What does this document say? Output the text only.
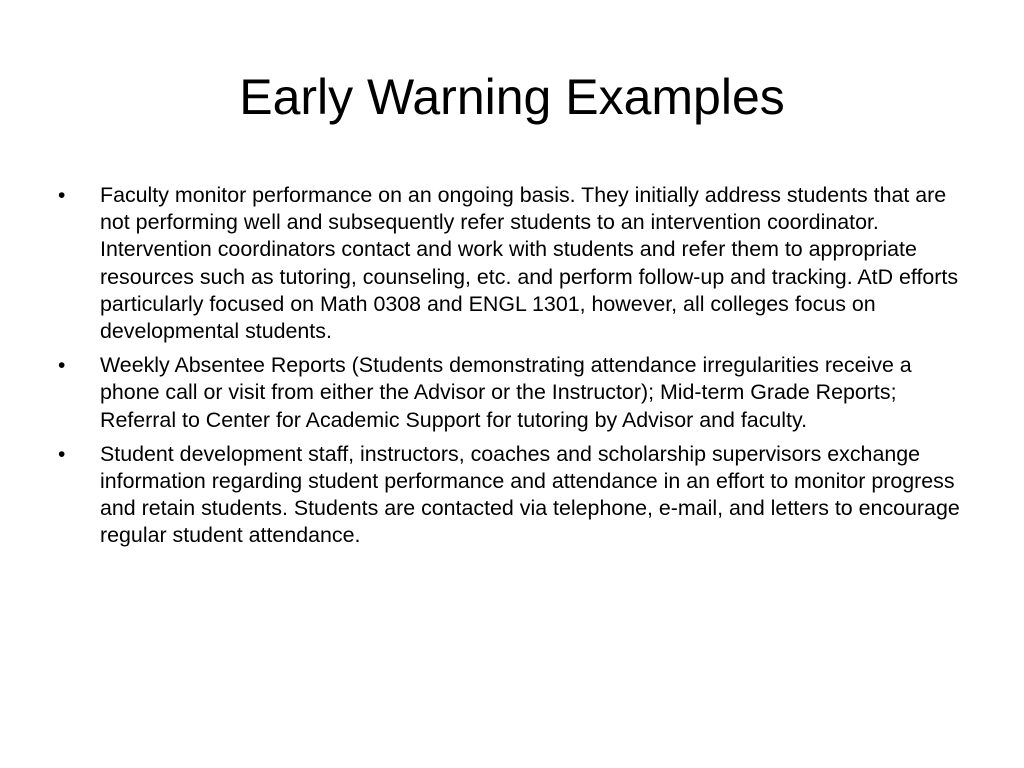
Early Warning Examples
•	Faculty monitor performance on an ongoing basis. They initially address students that are not performing well and subsequently refer students to an intervention coordinator. Intervention coordinators contact and work with students and refer them to appropriate resources such as tutoring, counseling, etc. and perform follow-up and tracking. AtD efforts particularly focused on Math 0308 and ENGL 1301, however, all colleges focus on developmental students.
•	Weekly Absentee Reports (Students demonstrating attendance irregularities receive a phone call or visit from either the Advisor or the Instructor); Mid-term Grade Reports; Referral to Center for Academic Support for tutoring by Advisor and faculty.
•	Student development staff, instructors, coaches and scholarship supervisors exchange information regarding student performance and attendance in an effort to monitor progress and retain students. Students are contacted via telephone, e-mail, and letters to encourage regular student attendance.
